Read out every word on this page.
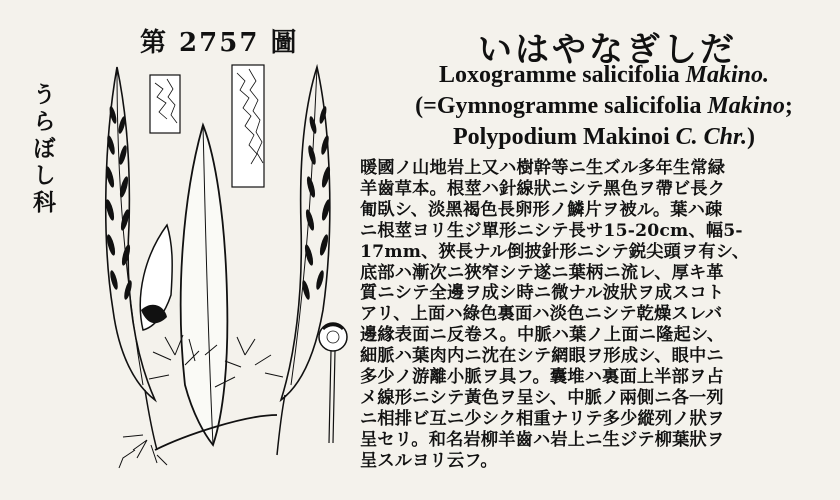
第 2757 圖
うらぼし科
いはやなぎしだ
Loxogramme salicifolia Makino.
(=Gymnogramme salicifolia Makino;
Polypodium Makinoi C. Chr.)
暖國ノ山地岩上又ハ樹幹等ニ生ズル多年生常緑
羊齒草本。根莖ハ針線狀ニシテ黑色ヲ帶ビ長ク
匍臥シ、淡黑褐色長卵形ノ鱗片ヲ被ル。葉ハ疎
ニ根莖ヨリ生ジ單形ニシテ長サ15-20cm、幅5-
17mm、狹長ナル倒披針形ニシテ鋭尖頭ヲ有シ、
底部ハ漸次ニ狹窄シテ遂ニ葉柄ニ流レ、厚キ革
質ニシテ全邊ヲ成シ時ニ微ナル波狀ヲ成スコト
アリ、上面ハ綠色裏面ハ淡色ニシテ乾燥スレバ
邊緣表面ニ反卷ス。中脈ハ葉ノ上面ニ隆起シ、
細脈ハ葉肉内ニ沈在シテ網眼ヲ形成シ、眼中ニ
多少ノ游離小脈ヲ具フ。囊堆ハ裏面上半部ヲ占
メ線形ニシテ黃色ヲ呈シ、中脈ノ兩側ニ各一列
ニ相排ビ互ニ少シク相重ナリテ多少縱列ノ狀ヲ
呈セリ。和名岩柳羊齒ハ岩上ニ生ジテ柳葉狀ヲ
呈スルヨリ云フ。
